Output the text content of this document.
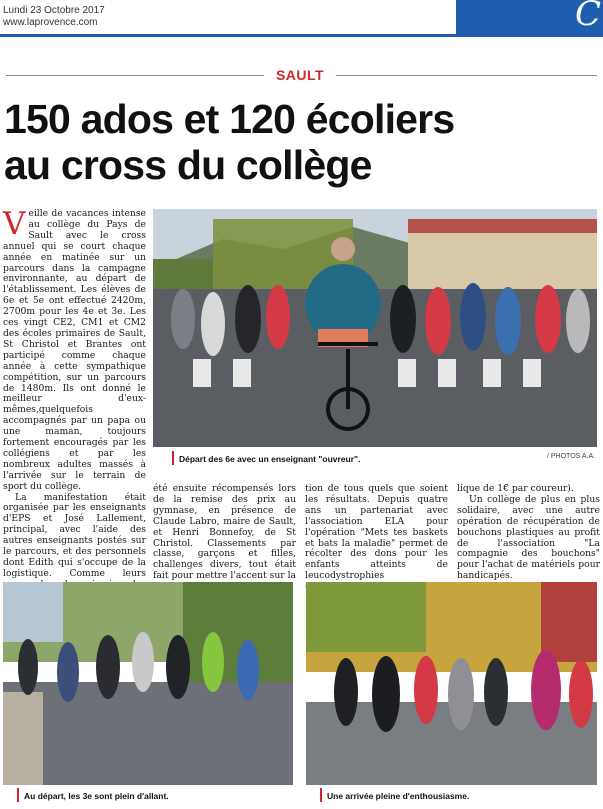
Lundi 23 Octobre 2017
www.laprovence.com	C
SAULT
150 ados et 120 écoliers
au cross du collège

Veille de vacances intense au collège du Pays de Sault avec le cross annuel qui se court chaque année en matinée sur un parcours dans la campagne environnante, au départ de l'établissement. Les élèves de 6e et 5e ont effectué 2420m, 2700m pour les 4e et 3e. Les ces vingt CE2, CM1 et CM2 des écoles primaires de Sault, St Christol et Brantes ont participé comme chaque année à cette sympathique compétition, sur un parcours de 1480m. Ils ont donné le meilleur d'eux-mêmes,quelquefois accompagnés par un papa ou une maman, toujours fortement encouragés par les collégiens et par les nombreux adultes massés à l'arrivée sur le terrain de sport du collège.

La manifestation était organisée par les enseignants d'EPS et José Lallement, principal, avec l'aide des autres enseignants postés sur le parcours, et des personnels dont Edith qui s'occupe de la logistique. Comme leurs

Départ des 6e avec un enseignant "ouvreur".	/ PHOTOS A.A.

été ensuite récompensés lors de la remise des prix au gymnase, en présence de Claude Labro, maire de Sault, et Henri Bonnefoy, de St Christol. Classements par classe, garçons et filles, challenges divers, tout était fait pour mettre l'accent sur la

tion de tous quels que soient les résultats. Depuis quatre ans un partenariat avec l'association ELA pour l'opération "Mets tes baskets et bats la maladie" permet de récolter des dons pour les enfants atteints de leucodystrophies

lique de 1€ par coureur).

Un collège de plus en plus solidaire, avec une autre opération de récupération de bouchons plastiques au profit de l'association "La compagnie des bouchons" pour l'achat de matériels pour handicapés.

Au départ, les 3e sont plein d'allant.	Une arrivée pleine d'enthousiasme.
